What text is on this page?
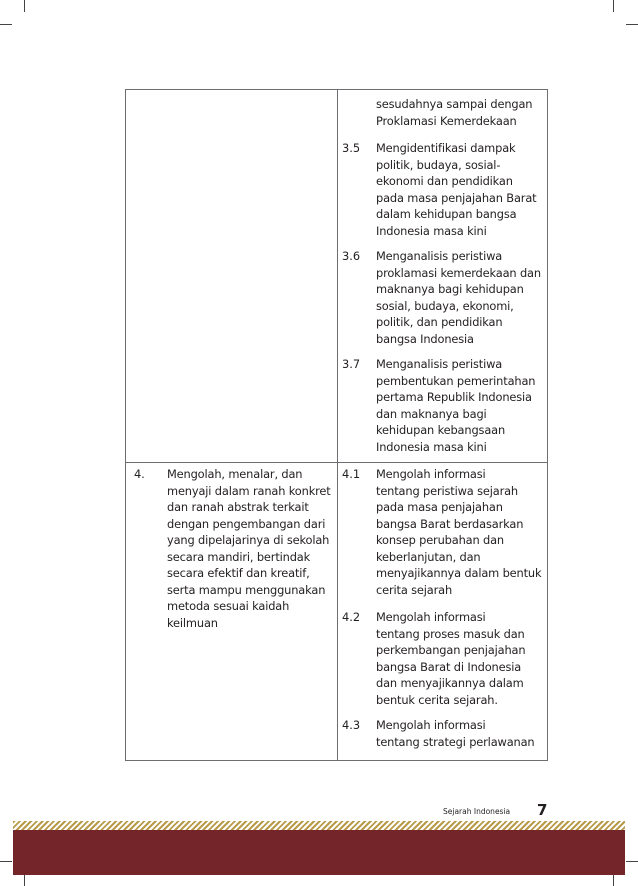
sesudahnya sampai dengan
Proklamasi Kemerdekaan
3.5 Mengidentifikasi dampak
politik, budaya, sosial-
ekonomi dan pendidikan
pada masa penjajahan Barat
dalam kehidupan bangsa
Indonesia masa kini
3.6 Menganalisis peristiwa
proklamasi kemerdekaan dan
maknanya bagi kehidupan
sosial, budaya, ekonomi,
politik, dan pendidikan
bangsa Indonesia
3.7 Menganalisis peristiwa
pembentukan pemerintahan
pertama Republik Indonesia
dan maknanya bagi
kehidupan kebangsaan
Indonesia masa kini
4. Mengolah, menalar, dan
menyaji dalam ranah konkret
dan ranah abstrak terkait
dengan pengembangan dari
yang dipelajarinya di sekolah
secara mandiri, bertindak
secara efektif dan kreatif,
serta mampu menggunakan
metoda sesuai kaidah
keilmuan
4.1 Mengolah informasi
tentang peristiwa sejarah
pada masa penjajahan
bangsa Barat berdasarkan
konsep perubahan dan
keberlanjutan, dan
menyajikannya dalam bentuk
cerita sejarah
4.2 Mengolah informasi
tentang proses masuk dan
perkembangan penjajahan
bangsa Barat di Indonesia
dan menyajikannya dalam
bentuk cerita sejarah.
4.3 Mengolah informasi
tentang strategi perlawanan
Sejarah Indonesia 7
